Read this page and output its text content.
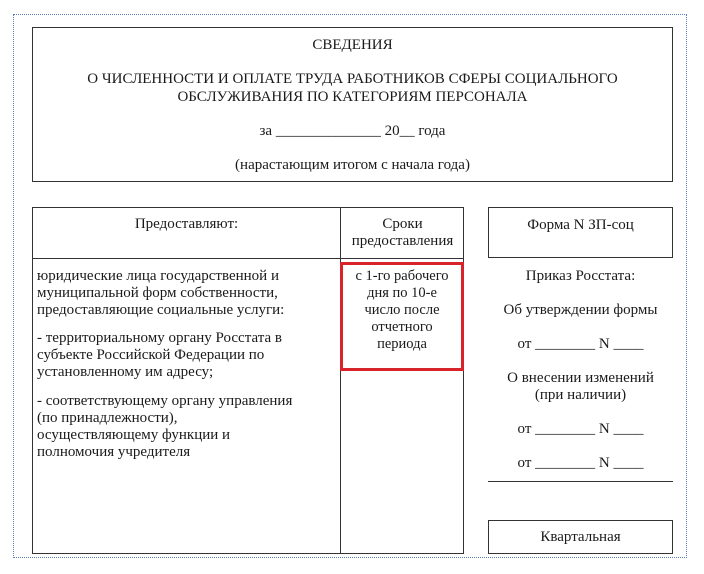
СВЕДЕНИЯ
О ЧИСЛЕННОСТИ И ОПЛАТЕ ТРУДА РАБОТНИКОВ СФЕРЫ СОЦИАЛЬНОГО
ОБСЛУЖИВАНИЯ ПО КАТЕГОРИЯМ ПЕРСОНАЛА
за ______________ 20__ года
(нарастающим итогом с начала года)
Предоставляют:	Сроки

предоставления

юридические лица государственной и

муниципальной форм собственности,

предоставляющие социальные услуги:

- территориальному органу Росстата в

субъекте Российской Федерации по

установленному им адресу;

- соответствующему органу управления

(по принадлежности),

осуществляющему функции и

полномочия учредителя

с 1-го рабочего

дня по 10-е

число после

отчетного

периода

Форма N ЗП-соц

Приказ Росстата:

Об утверждении формы

от ________ N ____

О внесении изменений

(при наличии)

от ________ N ____

от ________ N ____

Квартальная
